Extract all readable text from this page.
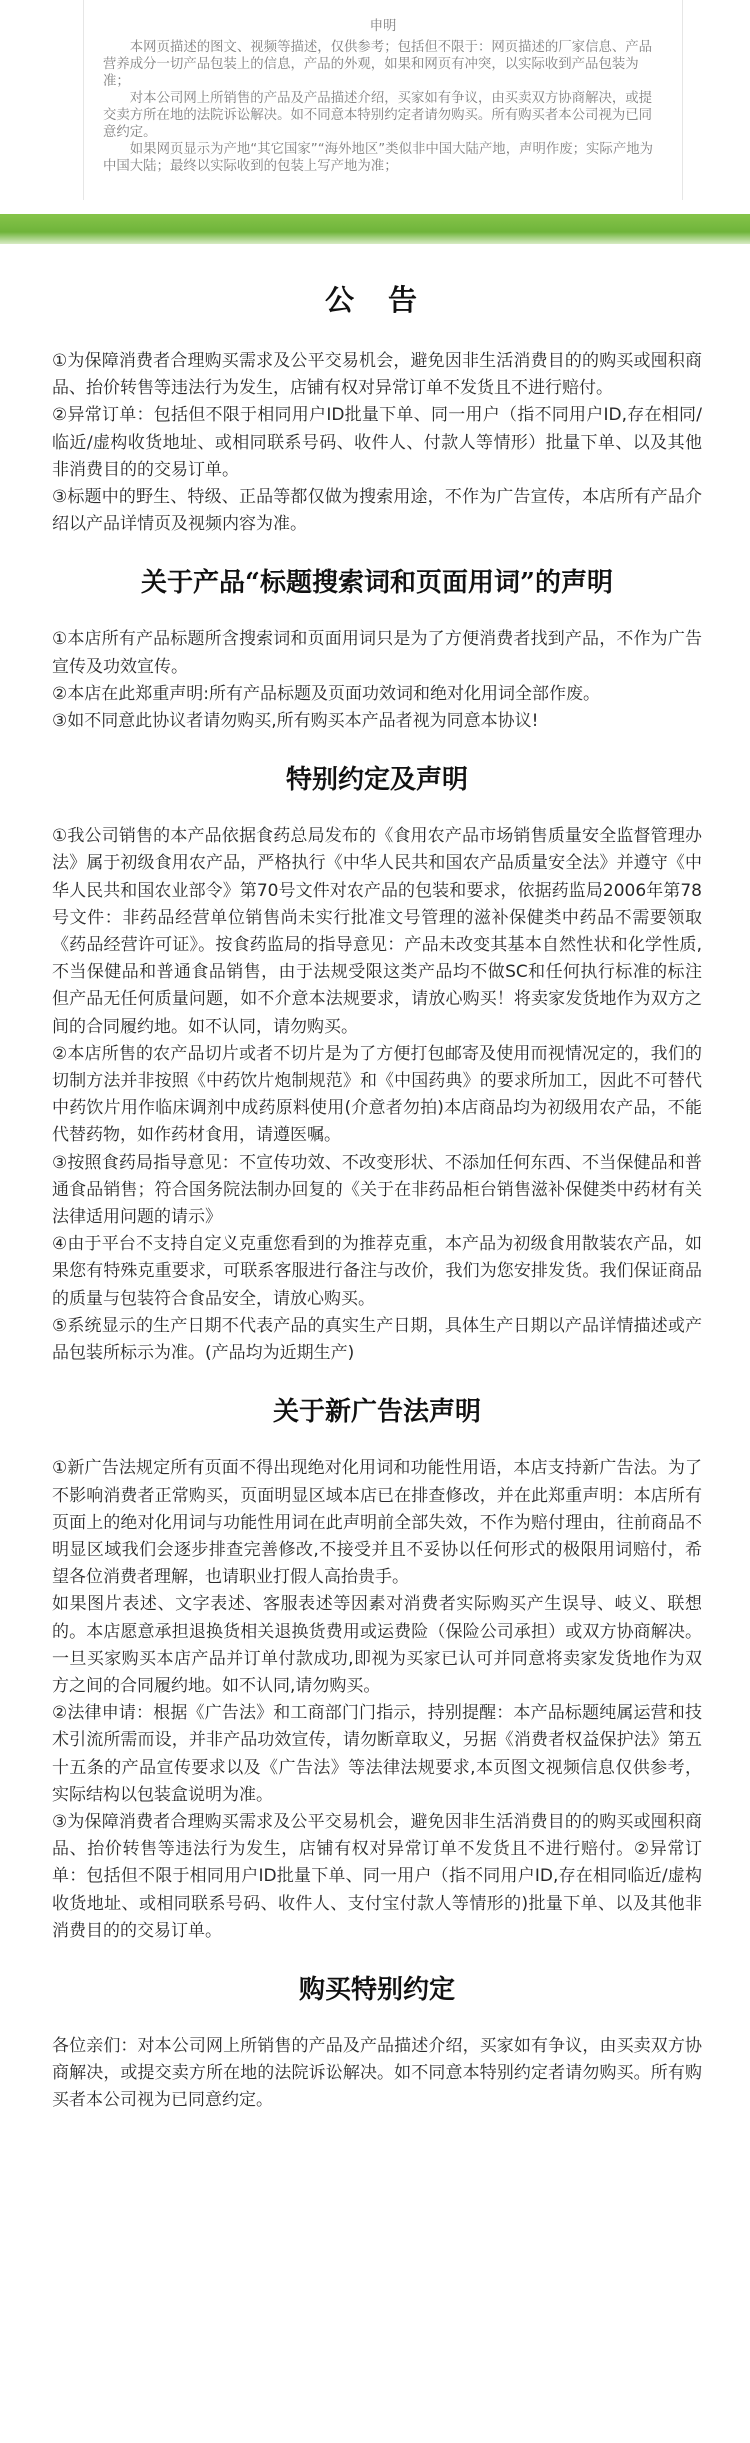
申明

本网页描述的图文、视频等描述，仅供参考；包括但不限于：网页描述的厂家信息、产品营养成分一切产品包装上的信息，产品的外观，如果和网页有冲突，以实际收到产品包装为准；

对本公司网上所销售的产品及产品描述介绍，买家如有争议，由买卖双方协商解决，或提交卖方所在地的法院诉讼解决。如不同意本特别约定者请勿购买。所有购买者本公司视为已同意约定。

如果网页显示为产地“其它国家”“海外地区”类似非中国大陆产地，声明作废；实际产地为中国大陆；最终以实际收到的包装上写产地为准；

公 告

①为保障消费者合理购买需求及公平交易机会，避免因非生活消费目的的购买或囤积商品、抬价转售等违法行为发生，店铺有权对异常订单不发货且不进行赔付。

②异常订单：包括但不限于相同用户ID批量下单、同一用户（指不同用户ID,存在相同/临近/虚构收货地址、或相同联系号码、收件人、付款人等情形）批量下单、以及其他非消费目的的交易订单。

③标题中的野生、特级、正品等都仅做为搜索用途，不作为广告宣传，本店所有产品介绍以产品详情页及视频内容为准。

关于产品“标题搜索词和页面用词”的声明

①本店所有产品标题所含搜索词和页面用词只是为了方便消费者找到产品，不作为广告宣传及功效宣传。

②本店在此郑重声明:所有产品标题及页面功效词和绝对化用词全部作废。

③如不同意此协议者请勿购买,所有购买本产品者视为同意本协议!

特别约定及声明

①我公司销售的本产品依据食药总局发布的《食用农产品市场销售质量安全监督管理办法》属于初级食用农产品，严格执行《中华人民共和国农产品质量安全法》并遵守《中华人民共和国农业部令》第70号文件对农产品的包装和要求，依据药监局2006年第78号文件：非药品经营单位销售尚未实行批准文号管理的滋补保健类中药品不需要领取《药品经营许可证》。按食药监局的指导意见：产品未改变其基本自然性状和化学性质,不当保健品和普通食品销售，由于法规受限这类产品均不做SC和任何执行标准的标注但产品无任何质量问题，如不介意本法规要求，请放心购买！将卖家发货地作为双方之间的合同履约地。如不认同，请勿购买。

②本店所售的农产品切片或者不切片是为了方便打包邮寄及使用而视情况定的，我们的切制方法并非按照《中药饮片炮制规范》和《中国药典》的要求所加工，因此不可替代中药饮片用作临床调剂中成药原料使用(介意者勿拍)本店商品均为初级用农产品，不能代替药物，如作药材食用，请遵医嘱。

③按照食药局指导意见：不宣传功效、不改变形状、不添加任何东西、不当保健品和普通食品销售；符合国务院法制办回复的《关于在非药品柜台销售滋补保健类中药材有关法律适用问题的请示》

④由于平台不支持自定义克重您看到的为推荐克重，本产品为初级食用散装农产品，如果您有特殊克重要求，可联系客服进行备注与改价，我们为您安排发货。我们保证商品的质量与包装符合食品安全，请放心购买。

⑤系统显示的生产日期不代表产品的真实生产日期，具体生产日期以产品详情描述或产品包装所标示为准。(产品均为近期生产)

关于新广告法声明

①新广告法规定所有页面不得出现绝对化用词和功能性用语，本店支持新广告法。为了不影响消费者正常购买，页面明显区域本店已在排查修改，并在此郑重声明：本店所有页面上的绝对化用词与功能性用词在此声明前全部失效，不作为赔付理由，往前商品不明显区域我们会逐步排查完善修改,不接受并且不妥协以任何形式的极限用词赔付，希望各位消费者理解，也请职业打假人高抬贵手。

如果图片表述、文字表述、客服表述等因素对消费者实际购买产生误导、岐义、联想的。本店愿意承担退换货相关退换货费用或运费险（保险公司承担）或双方协商解决。一旦买家购买本店产品并订单付款成功,即视为买家已认可并同意将卖家发货地作为双方之间的合同履约地。如不认同,请勿购买。

②法律申请：根据《广告法》和工商部门门指示，持别提醒：本产品标题纯属运营和技术引流所需而设，并非产品功效宣传，请勿断章取义，另据《消费者权益保护法》第五十五条的产品宣传要求以及《广告法》等法律法规要求,本页图文视频信息仅供参考，实际结构以包装盒说明为准。

③为保障消费者合理购买需求及公平交易机会，避免因非生活消费目的的购买或囤积商品、抬价转售等违法行为发生，店铺有权对异常订单不发货且不进行赔付。②异常订单：包括但不限于相同用户ID批量下单、同一用户（指不同用户ID,存在相同临近/虚构收货地址、或相同联系号码、收件人、支付宝付款人等情形的)批量下单、以及其他非消费目的的交易订单。

购买特别约定

各位亲们：对本公司网上所销售的产品及产品描述介绍，买家如有争议，由买卖双方协商解决，或提交卖方所在地的法院诉讼解决。如不同意本特别约定者请勿购买。所有购买者本公司视为已同意约定。
